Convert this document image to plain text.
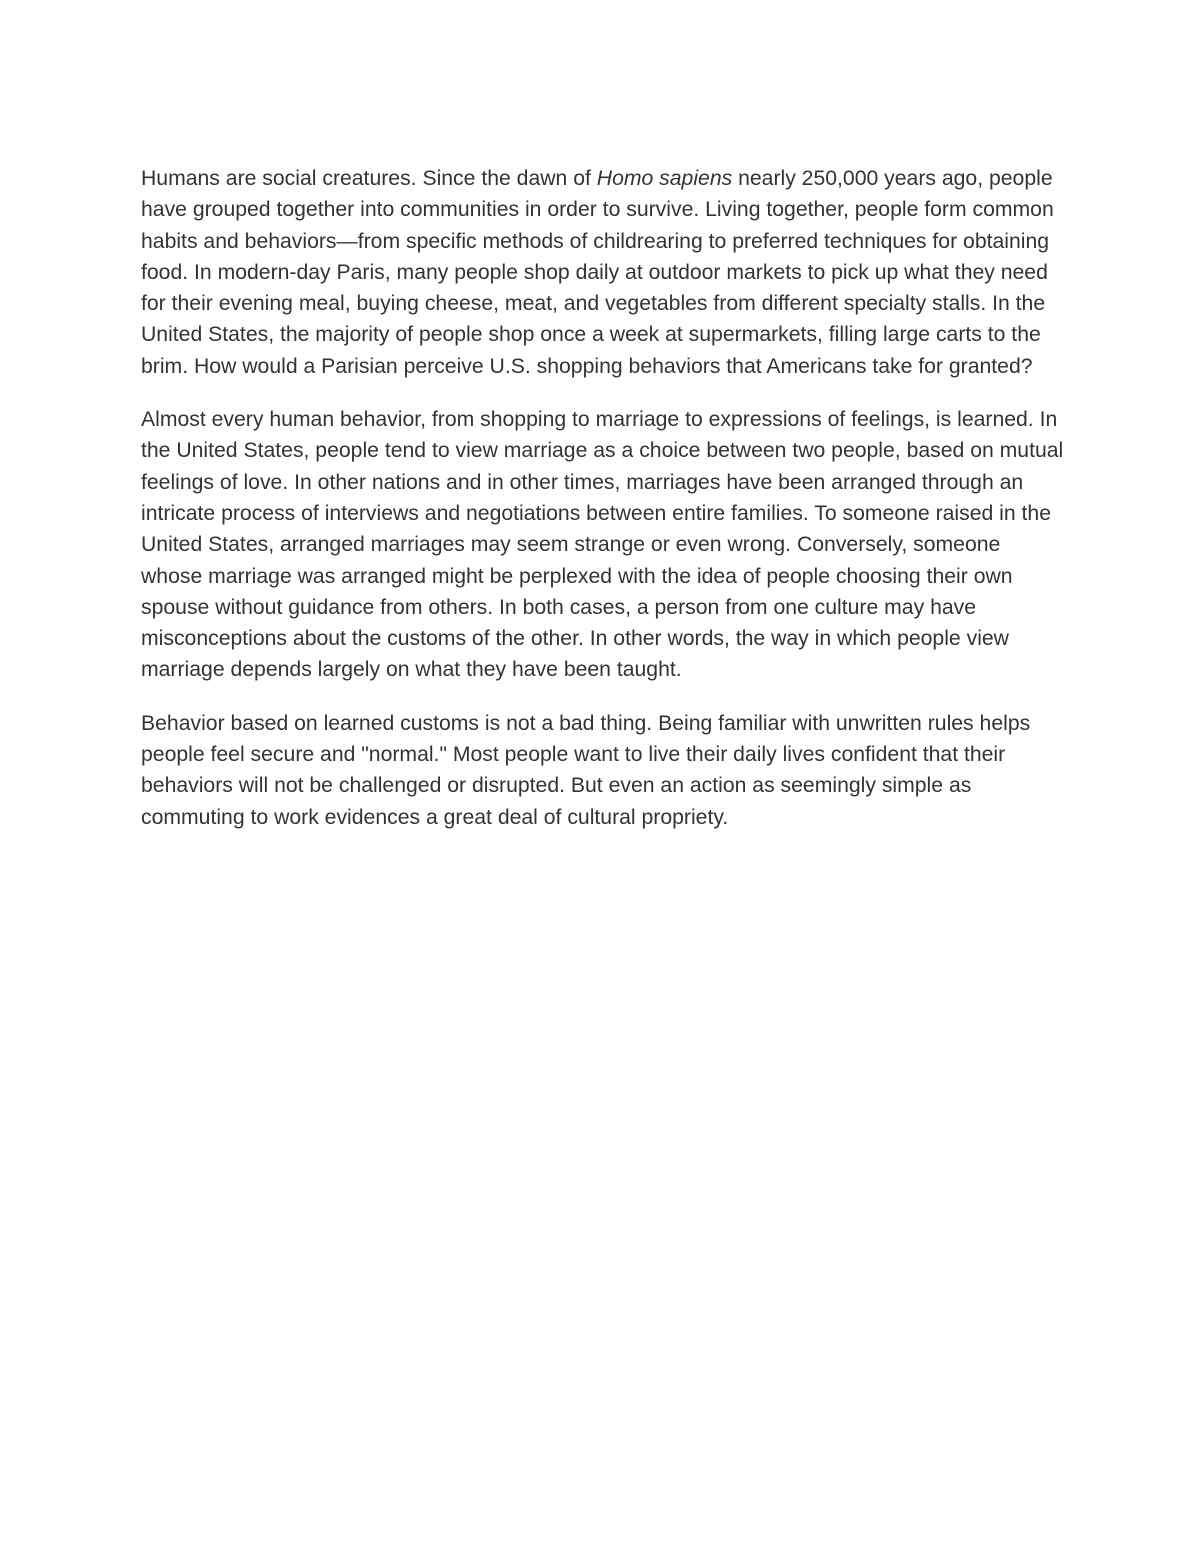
Humans are social creatures. Since the dawn of Homo sapiens nearly 250,000 years ago, people have grouped together into communities in order to survive. Living together, people form common habits and behaviors—from specific methods of childrearing to preferred techniques for obtaining food. In modern-day Paris, many people shop daily at outdoor markets to pick up what they need for their evening meal, buying cheese, meat, and vegetables from different specialty stalls. In the United States, the majority of people shop once a week at supermarkets, filling large carts to the brim. How would a Parisian perceive U.S. shopping behaviors that Americans take for granted?

Almost every human behavior, from shopping to marriage to expressions of feelings, is learned. In the United States, people tend to view marriage as a choice between two people, based on mutual feelings of love. In other nations and in other times, marriages have been arranged through an intricate process of interviews and negotiations between entire families. To someone raised in the United States, arranged marriages may seem strange or even wrong. Conversely, someone whose marriage was arranged might be perplexed with the idea of people choosing their own spouse without guidance from others. In both cases, a person from one culture may have misconceptions about the customs of the other. In other words, the way in which people view marriage depends largely on what they have been taught.

Behavior based on learned customs is not a bad thing. Being familiar with unwritten rules helps people feel secure and "normal." Most people want to live their daily lives confident that their behaviors will not be challenged or disrupted. But even an action as seemingly simple as commuting to work evidences a great deal of cultural propriety.
